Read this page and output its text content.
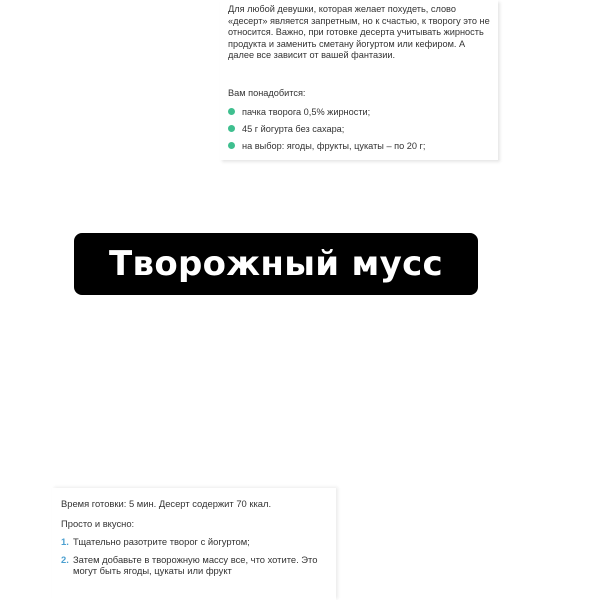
Для любой девушки, которая желает похудеть, слово «десерт» является запретным, но к счастью, к творогу это не относится. Важно, при готовке десерта учитывать жирность продукта и заменить сметану йогуртом или кефиром. А далее все зависит от вашей фантазии.

Вам понадобится:

пачка творога 0,5% жирности;
45 г йогурта без сахара;
на выбор: ягоды, фрукты, цукаты – по 20 г;
Творожный мусс

Время готовки: 5 мин. Десерт содержит 70 ккал.

Просто и вкусно:

1. Тщательно разотрите творог с йогуртом;
2. Затем добавьте в творожную массу все, что хотите. Это могут быть ягоды, цукаты или фрукт
